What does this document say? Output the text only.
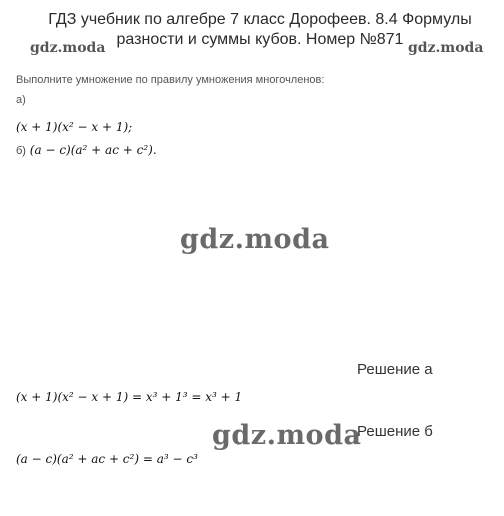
ГДЗ учебник по алгебре 7 класс Дорофеев. 8.4 Формулы
разности и суммы кубов. Номер №871
gdz.moda	gdz.moda
Выполните умножение по правилу умножения многочленов:
а)
(x + 1)(x² − x + 1);
б) (a − c)(a² + ac + c²).
gdz.moda
Решение а
(x + 1)(x² − x + 1) = x³ + 1³ = x³ + 1
gdz.moda
Решение б
(a − c)(a² + ac + c²) = a³ − c³
